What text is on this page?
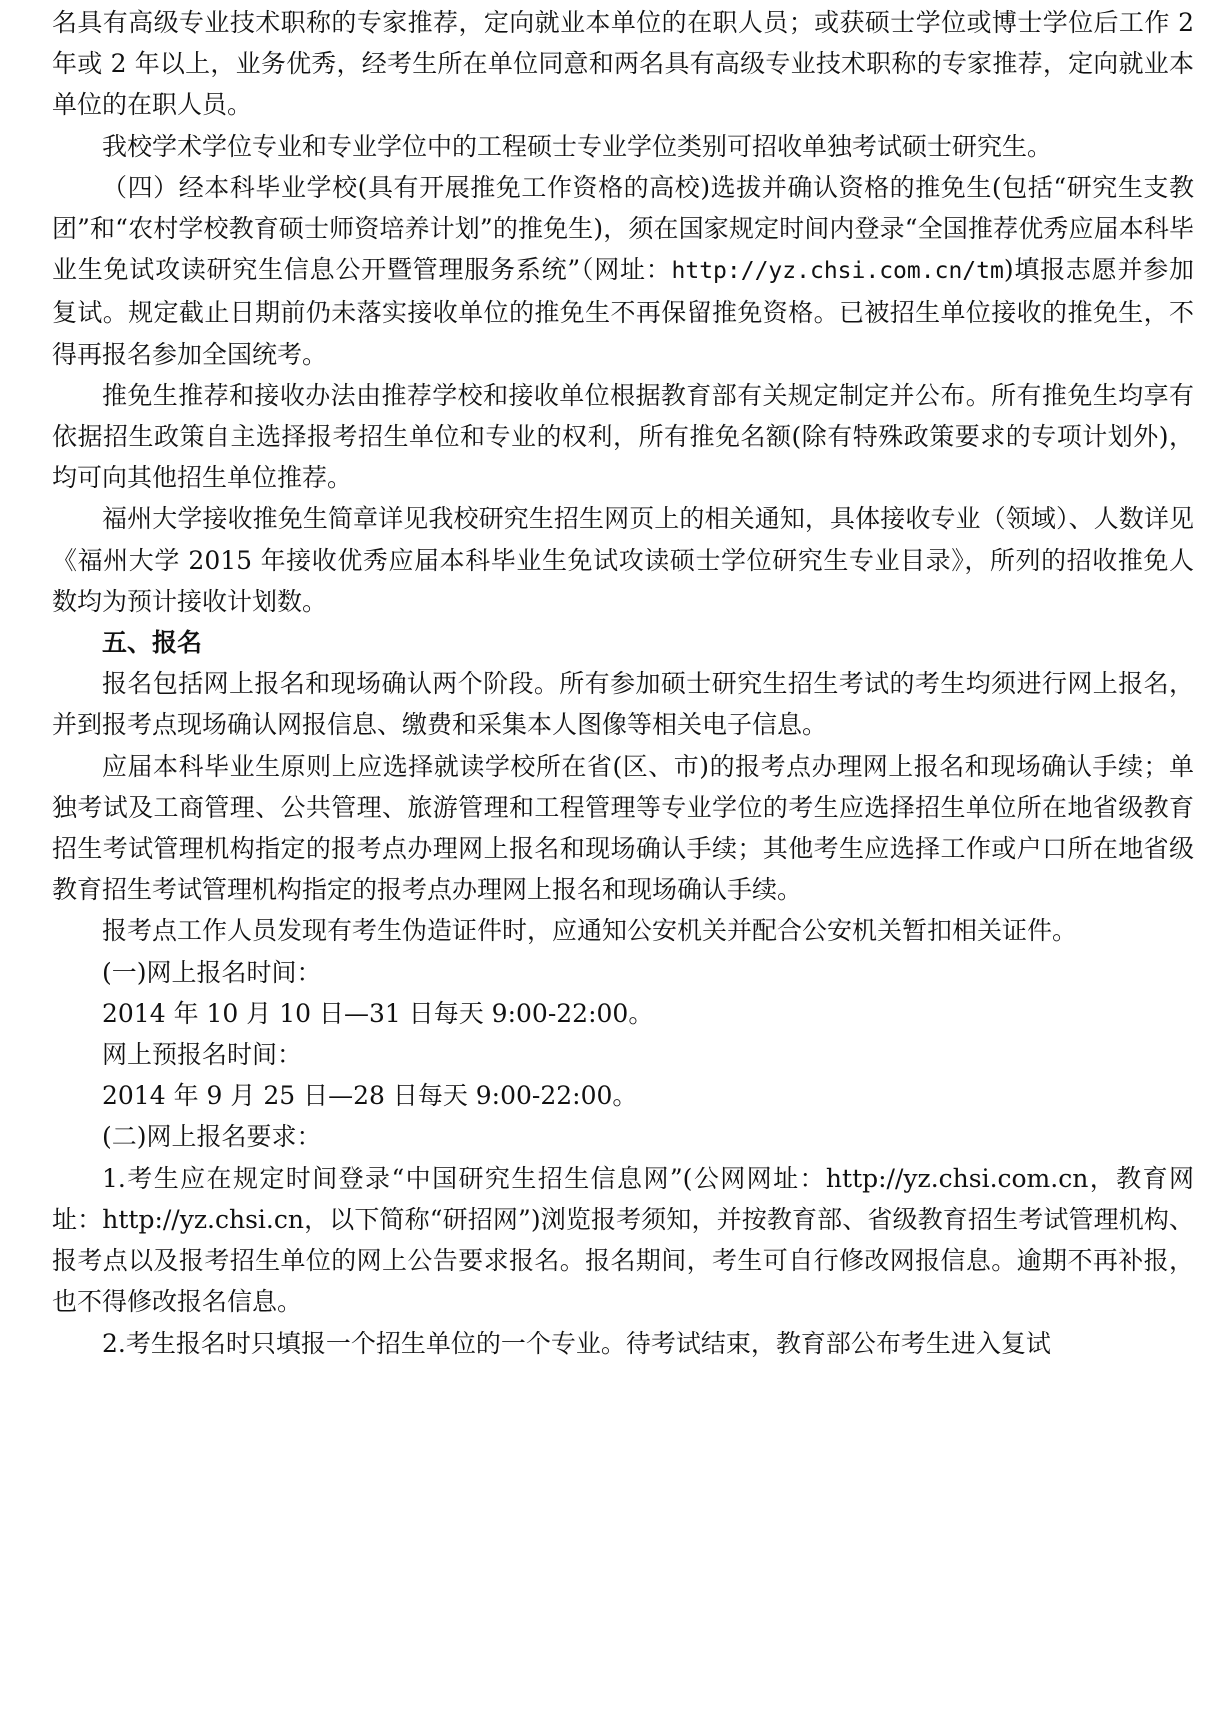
名具有高级专业技术职称的专家推荐，定向就业本单位的在职人员；或获硕士学位或博士学位后工作 2 年或 2 年以上，业务优秀，经考生所在单位同意和两名具有高级专业技术职称的专家推荐，定向就业本单位的在职人员。

我校学术学位专业和专业学位中的工程硕士专业学位类别可招收单独考试硕士研究生。

（四）经本科毕业学校(具有开展推免工作资格的高校)选拔并确认资格的推免生(包括“研究生支教团”和“农村学校教育硕士师资培养计划”的推免生)，须在国家规定时间内登录“全国推荐优秀应届本科毕业生免试攻读研究生信息公开暨管理服务系统”（网址：http://yz.chsi.com.cn/tm)填报志愿并参加复试。规定截止日期前仍未落实接收单位的推免生不再保留推免资格。已被招生单位接收的推免生，不得再报名参加全国统考。

推免生推荐和接收办法由推荐学校和接收单位根据教育部有关规定制定并公布。所有推免生均享有依据招生政策自主选择报考招生单位和专业的权利，所有推免名额(除有特殊政策要求的专项计划外)，均可向其他招生单位推荐。

福州大学接收推免生简章详见我校研究生招生网页上的相关通知，具体接收专业（领域）、人数详见《福州大学 2015 年接收优秀应届本科毕业生免试攻读硕士学位研究生专业目录》，所列的招收推免人数均为预计接收计划数。

五、报名

报名包括网上报名和现场确认两个阶段。所有参加硕士研究生招生考试的考生均须进行网上报名，并到报考点现场确认网报信息、缴费和采集本人图像等相关电子信息。

应届本科毕业生原则上应选择就读学校所在省(区、市)的报考点办理网上报名和现场确认手续；单独考试及工商管理、公共管理、旅游管理和工程管理等专业学位的考生应选择招生单位所在地省级教育招生考试管理机构指定的报考点办理网上报名和现场确认手续；其他考生应选择工作或户口所在地省级教育招生考试管理机构指定的报考点办理网上报名和现场确认手续。

报考点工作人员发现有考生伪造证件时，应通知公安机关并配合公安机关暂扣相关证件。

(一)网上报名时间：

2014 年 10 月 10 日—31 日每天 9:00-22:00。

网上预报名时间：

2014 年 9 月 25 日—28 日每天 9:00-22:00。

(二)网上报名要求：

1.考生应在规定时间登录“中国研究生招生信息网”(公网网址：http://yz.chsi.com.cn，教育网址：http://yz.chsi.cn，以下简称“研招网”)浏览报考须知，并按教育部、省级教育招生考试管理机构、报考点以及报考招生单位的网上公告要求报名。报名期间，考生可自行修改网报信息。逾期不再补报，也不得修改报名信息。

2.考生报名时只填报一个招生单位的一个专业。待考试结束，教育部公布考生进入复试
